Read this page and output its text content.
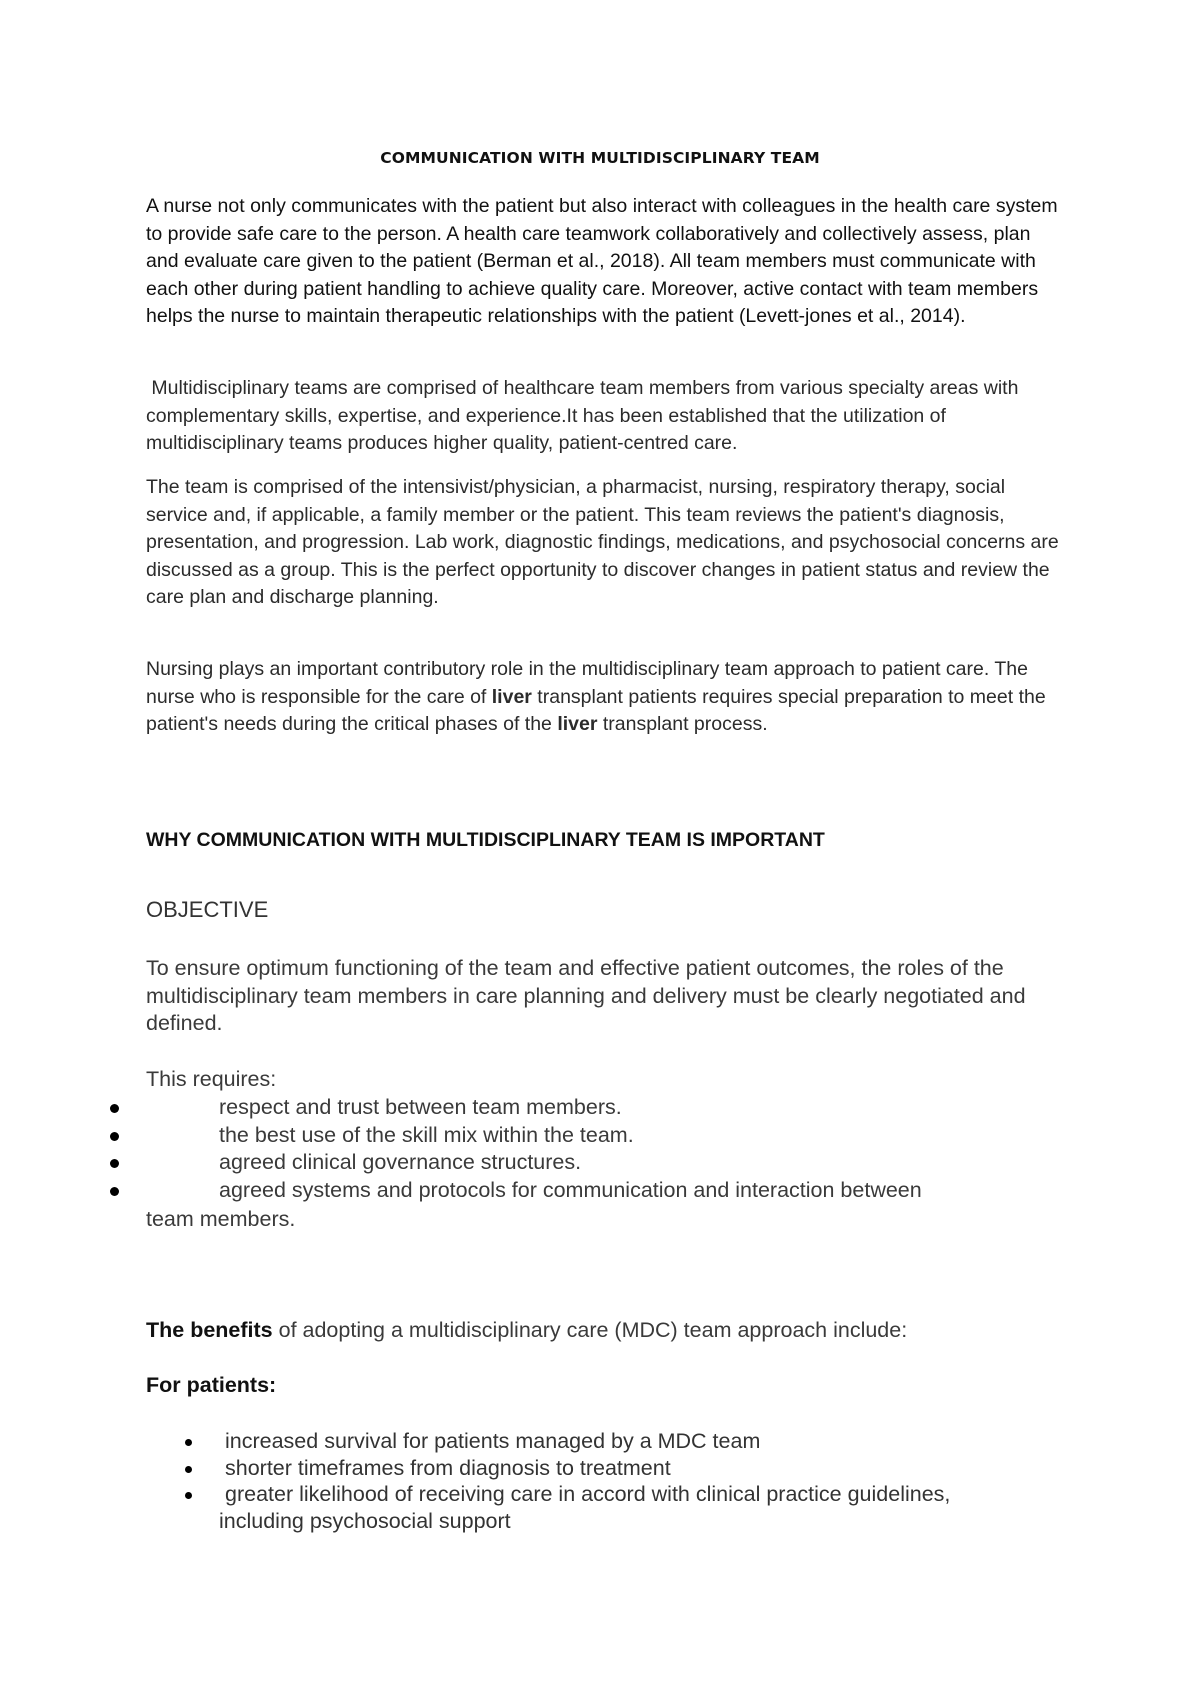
COMMUNICATION WITH MULTIDISCIPLINARY TEAM

A nurse not only communicates with the patient but also interact with colleagues in the health care system to provide safe care to the person. A health care teamwork collaboratively and collectively assess, plan and evaluate care given to the patient (Berman et al., 2018). All team members must communicate with each other during patient handling to achieve quality care. Moreover, active contact with team members helps the nurse to maintain therapeutic relationships with the patient (Levett-jones et al., 2014).

Multidisciplinary teams are comprised of healthcare team members from various specialty areas with complementary skills, expertise, and experience.It has been established that the utilization of multidisciplinary teams produces higher quality, patient-centred care.

The team is comprised of the intensivist/physician, a pharmacist, nursing, respiratory therapy, social service and, if applicable, a family member or the patient. This team reviews the patient's diagnosis, presentation, and progression. Lab work, diagnostic findings, medications, and psychosocial concerns are discussed as a group. This is the perfect opportunity to discover changes in patient status and review the care plan and discharge planning.

Nursing plays an important contributory role in the multidisciplinary team approach to patient care. The nurse who is responsible for the care of liver transplant patients requires special preparation to meet the patient's needs during the critical phases of the liver transplant process.

WHY COMMUNICATION WITH MULTIDISCIPLINARY TEAM IS IMPORTANT
OBJECTIVE
To ensure optimum functioning of the team and effective patient outcomes, the roles of the multidisciplinary team members in care planning and delivery must be clearly negotiated and defined.
This requires:
respect and trust between team members.
the best use of the skill mix within the team.
agreed clinical governance structures.
agreed systems and protocols for communication and interaction between
team members.
The benefits of adopting a multidisciplinary care (MDC) team approach include:
For patients:
increased survival for patients managed by a MDC team
shorter timeframes from diagnosis to treatment
greater likelihood of receiving care in accord with clinical practice guidelines,
including psychosocial support
